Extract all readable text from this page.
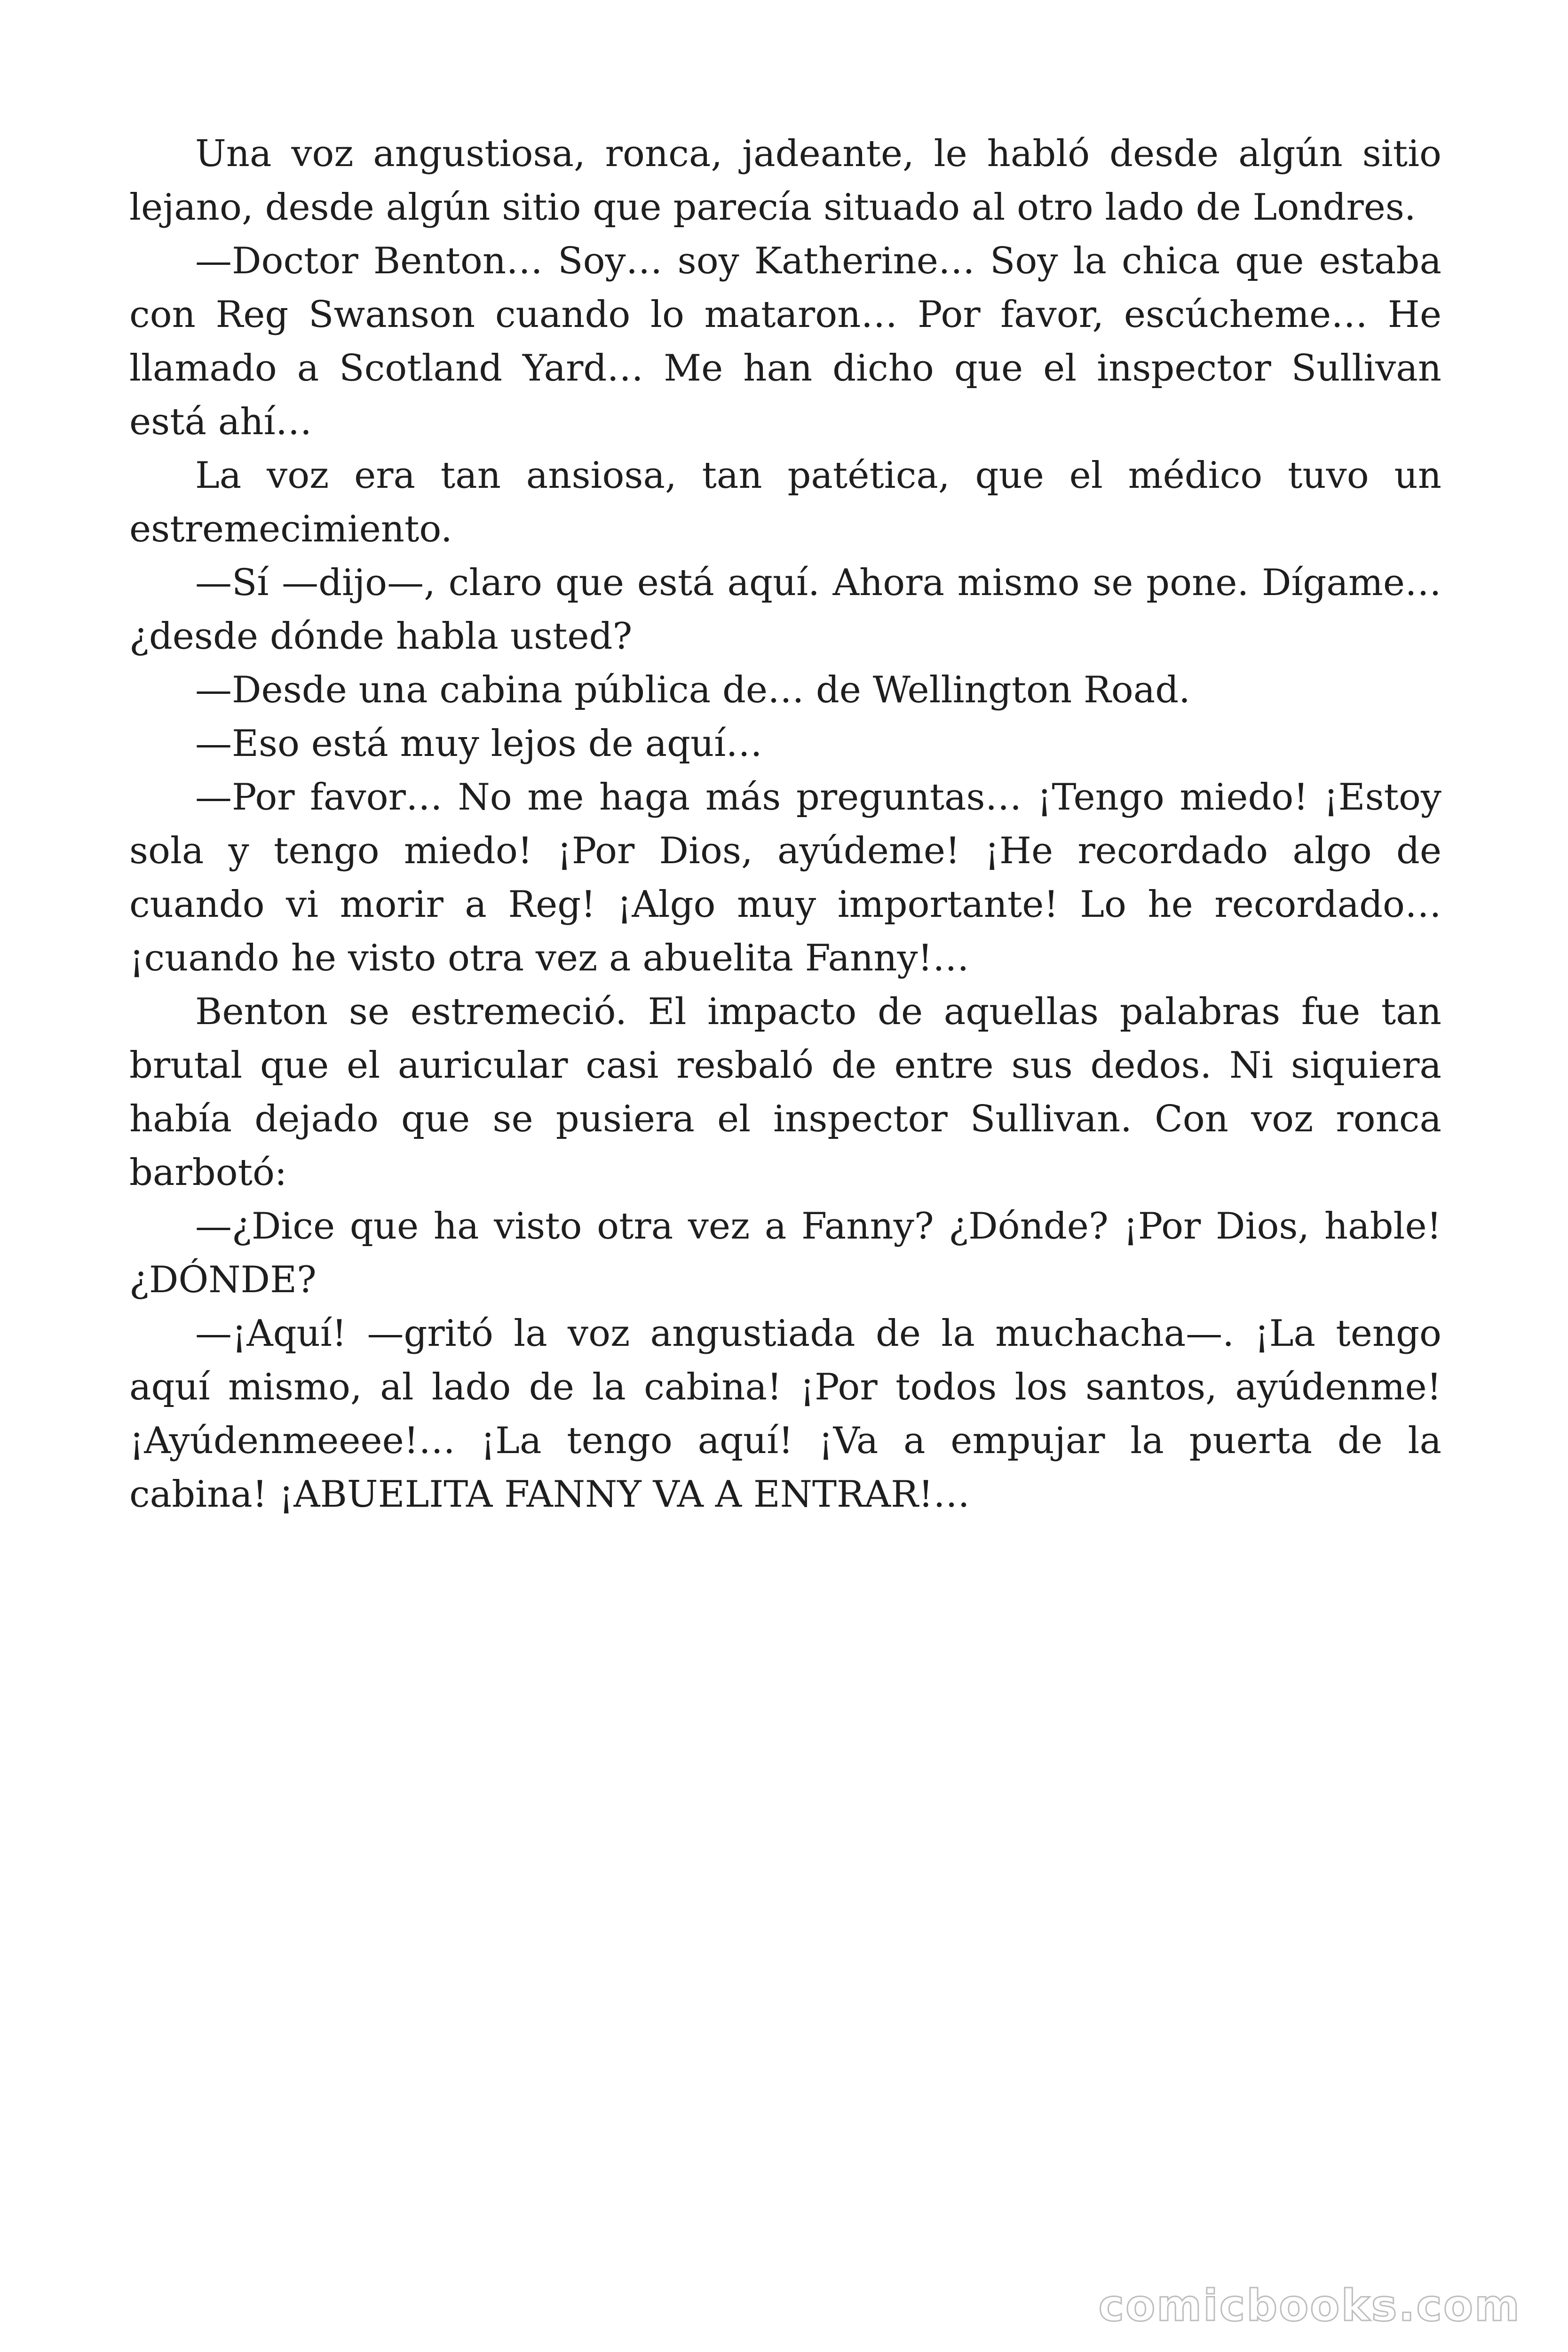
Una voz angustiosa, ronca, jadeante, le habló desde algún sitio lejano, desde algún sitio que parecía situado al otro lado de Londres.

—Doctor Benton… Soy… soy Katherine… Soy la chica que estaba con Reg Swanson cuando lo mataron… Por favor, escúcheme… He llamado a Scotland Yard… Me han dicho que el inspector Sullivan está ahí…

La voz era tan ansiosa, tan patética, que el médico tuvo un estremecimiento.

—Sí —dijo—, claro que está aquí. Ahora mismo se pone. Dígame… ¿desde dónde habla usted?

—Desde una cabina pública de… de Wellington Road.

—Eso está muy lejos de aquí…

—Por favor… No me haga más preguntas… ¡Tengo miedo! ¡Estoy sola y tengo miedo! ¡Por Dios, ayúdeme! ¡He recordado algo de cuando vi morir a Reg! ¡Algo muy importante! Lo he recordado… ¡cuando he visto otra vez a abuelita Fanny!…

Benton se estremeció. El impacto de aquellas palabras fue tan brutal que el auricular casi resbaló de entre sus dedos. Ni siquiera había dejado que se pusiera el inspector Sullivan. Con voz ronca barbotó:

—¿Dice que ha visto otra vez a Fanny? ¿Dónde? ¡Por Dios, hable! ¿DÓNDE?

—¡Aquí! —gritó la voz angustiada de la muchacha—. ¡La tengo aquí mismo, al lado de la cabina! ¡Por todos los santos, ayúdenme! ¡Ayúdenmeeee!… ¡La tengo aquí! ¡Va a empujar la puerta de la cabina! ¡ABUELITA FANNY VA A ENTRAR!…

comicbooks.com
